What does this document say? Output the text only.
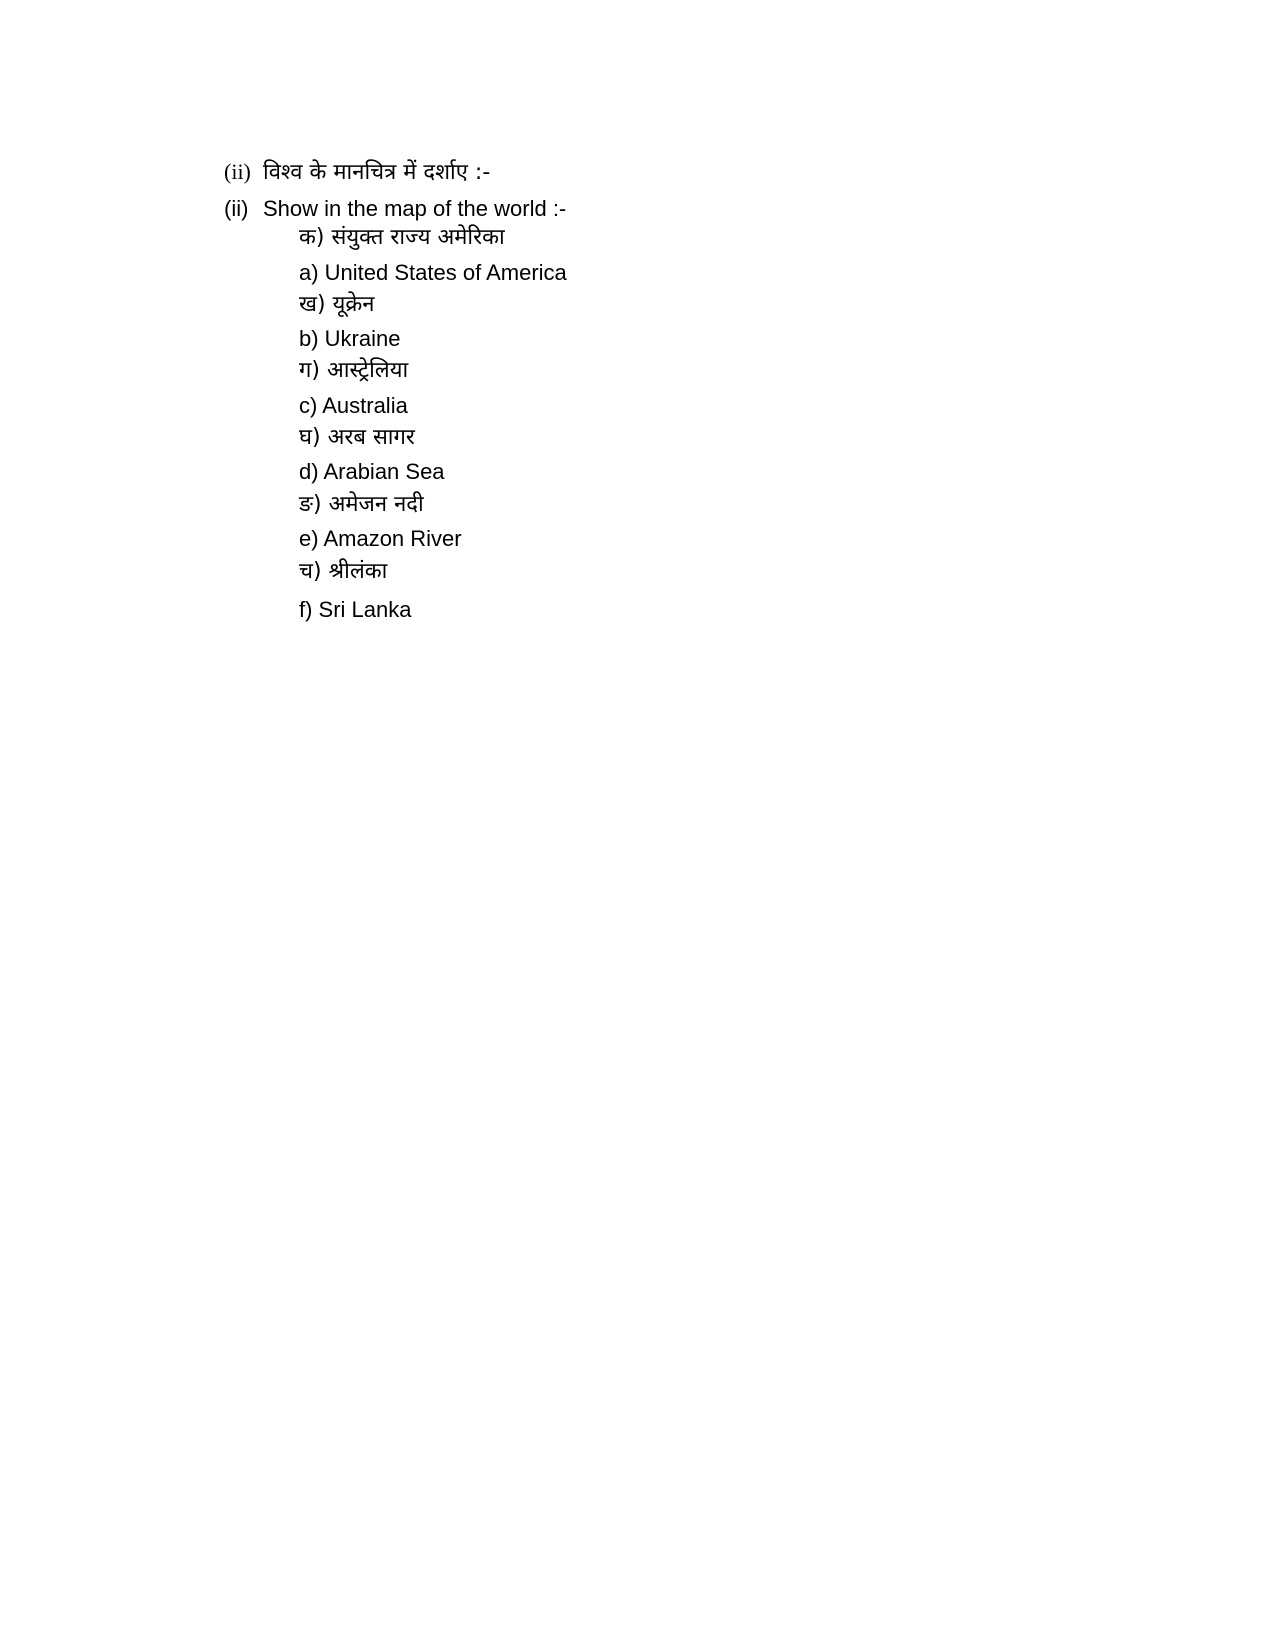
(ii) विश्व के मानचित्र में दर्शाए :-
(ii) Show in the map of the world :-
क) संयुक्त राज्य अमेरिका
a) United States of America
ख) यूक्रेन
b) Ukraine
ग) आस्ट्रेलिया
c) Australia
घ) अरब सागर
d) Arabian Sea
ङ) अमेजन नदी
e) Amazon River
च) श्रीलंका
f) Sri Lanka
